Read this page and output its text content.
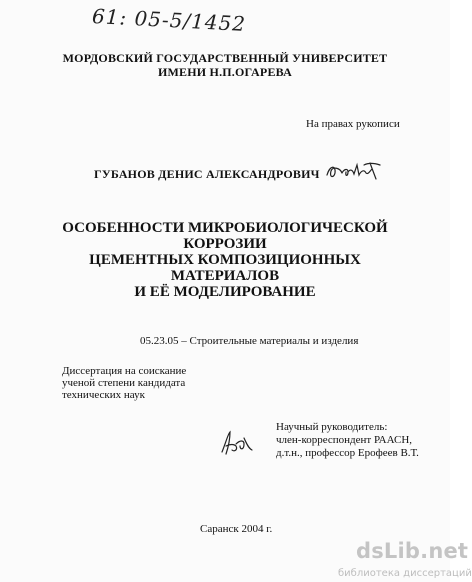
61: 05-5/1452
МОРДОВСКИЙ ГОСУДАРСТВЕННЫЙ УНИВЕРСИТЕТ
ИМЕНИ Н.П.ОГАРЕВА
На правах рукописи
ГУБАНОВ ДЕНИС АЛЕКСАНДРОВИЧ
ОСОБЕННОСТИ МИКРОБИОЛОГИЧЕСКОЙ
КОРРОЗИИ
ЦЕМЕНТНЫХ КОМПОЗИЦИОННЫХ
МАТЕРИАЛОВ
И ЕЁ МОДЕЛИРОВАНИЕ
05.23.05 – Строительные материалы и изделия
Диссертация на соискание
ученой степени кандидата
технических наук
Научный руководитель:
член-корреспондент РААСН,
д.т.н., профессор Ерофеев В.Т.
Саранск 2004 г.
dsLib.net
библиотека диссертаций
